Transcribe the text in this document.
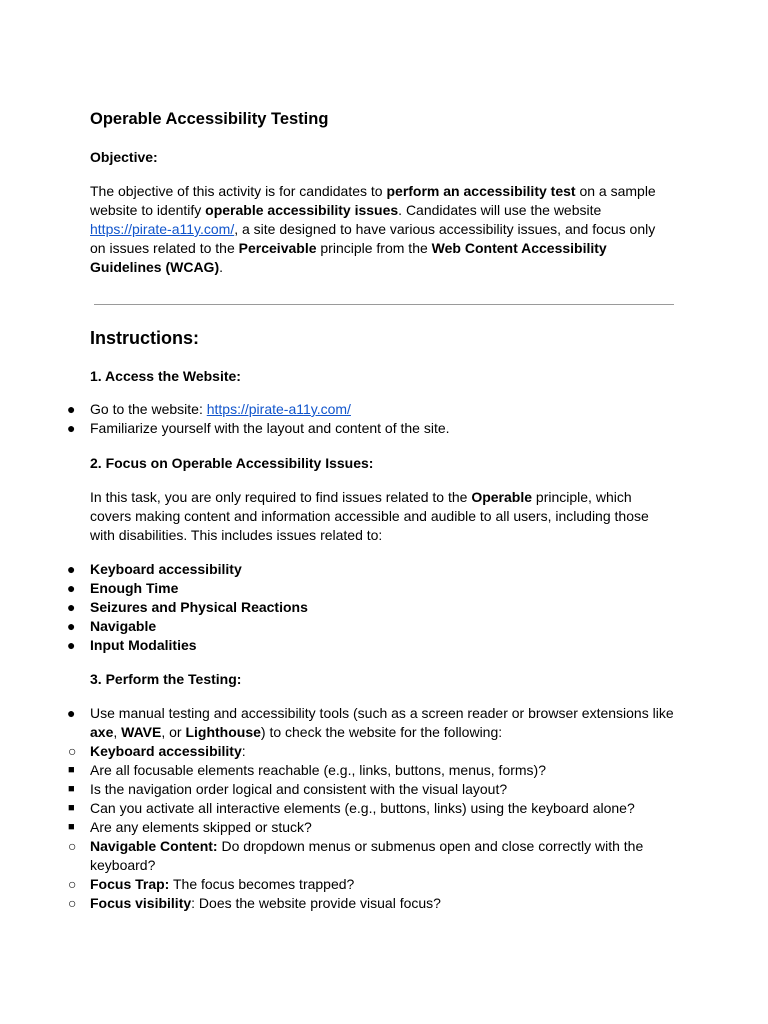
Operable Accessibility Testing

Objective:

The objective of this activity is for candidates to perform an accessibility test on a sample website to identify operable accessibility issues. Candidates will use the website https://pirate-a11y.com/, a site designed to have various accessibility issues, and focus only on issues related to the Perceivable principle from the Web Content Accessibility Guidelines (WCAG).

Instructions:

1. Access the Website:

● Go to the website: https://pirate-a11y.com/
● Familiarize yourself with the layout and content of the site.

2. Focus on Operable Accessibility Issues:

In this task, you are only required to find issues related to the Operable principle, which covers making content and information accessible and audible to all users, including those with disabilities. This includes issues related to:

● Keyboard accessibility
● Enough Time
● Seizures and Physical Reactions
● Navigable
● Input Modalities

3. Perform the Testing:

● Use manual testing and accessibility tools (such as a screen reader or browser extensions like axe, WAVE, or Lighthouse) to check the website for the following:
○ Keyboard accessibility:
■ Are all focusable elements reachable (e.g., links, buttons, menus, forms)?
■ Is the navigation order logical and consistent with the visual layout?
■ Can you activate all interactive elements (e.g., buttons, links) using the keyboard alone?
■ Are any elements skipped or stuck?
○ Navigable Content: Do dropdown menus or submenus open and close correctly with the keyboard?
○ Focus Trap: The focus becomes trapped?
○ Focus visibility: Does the website provide visual focus?
